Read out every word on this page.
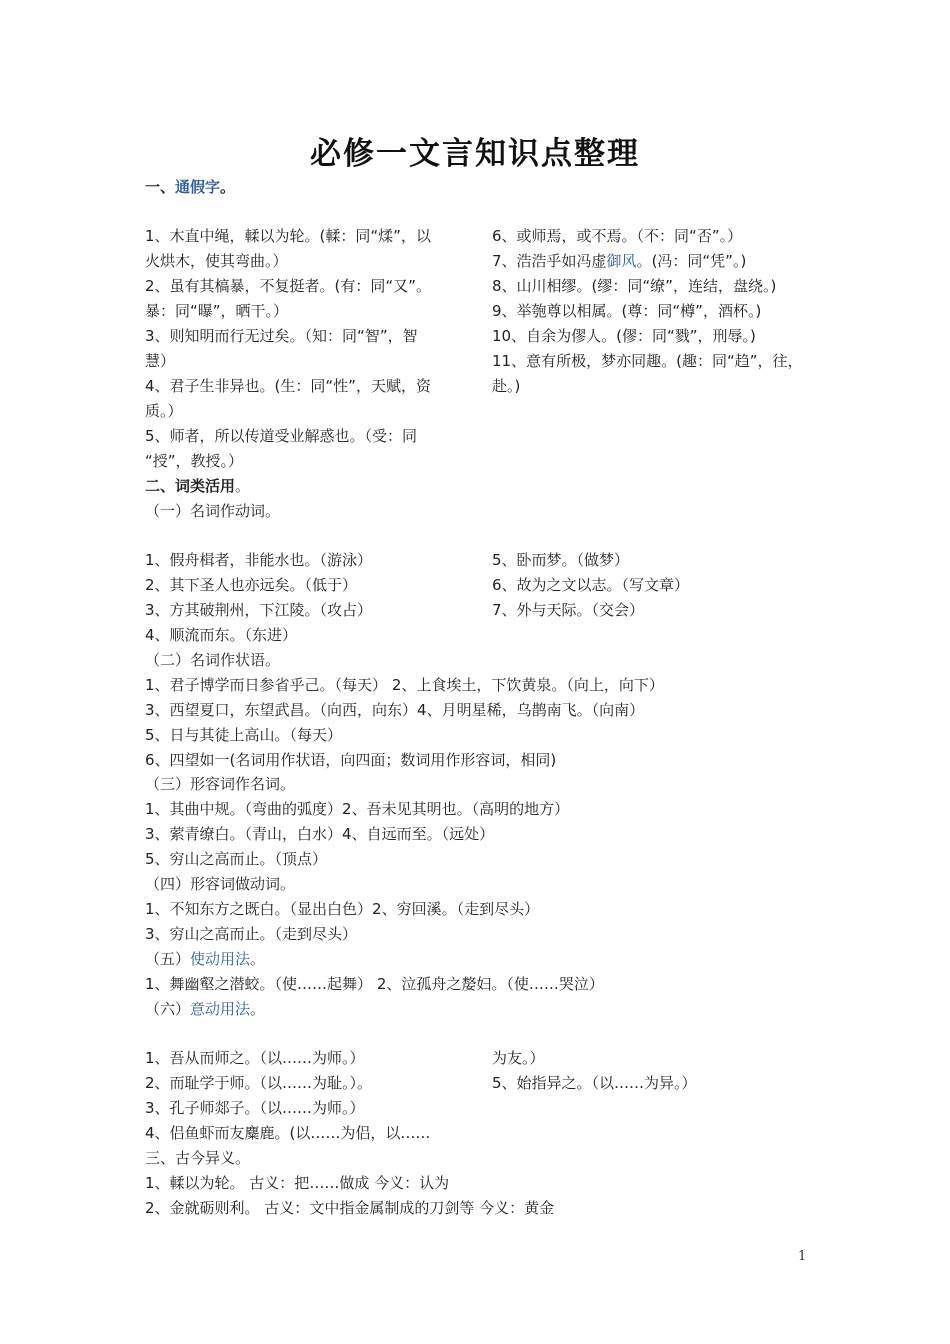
必修一文言知识点整理
一、通假字。
1、木直中绳，輮以为轮。(輮：同“煣”，以
火烘木，使其弯曲。）
2、虽有其槁暴，不复挺者。(有：同“又”。
暴：同“曝”，晒干。）
3、则知明而行无过矣。（知：同“智”，智
慧）
4、君子生非异也。(生：同“性”，天赋，资
质。）
5、师者，所以传道受业解惑也。（受：同
“授”，教授。）
6、或师焉，或不焉。（不：同“否”。）
7、浩浩乎如冯虚御风。(冯：同“凭”。)
8、山川相缪。(缪：同“缭”，连结，盘绕。)
9、举匏尊以相属。(尊：同“樽”，酒杯。)
10、自余为僇人。(僇：同“戮”，刑辱。)
11、意有所极，梦亦同趣。(趣：同“趋”，往，
赴。)
二、词类活用。
（一）名词作动词。
1、假舟楫者，非能水也。（游泳）
2、其下圣人也亦远矣。（低于）
3、方其破荆州，下江陵。（攻占）
4、顺流而东。（东进）
5、卧而梦。（做梦）
6、故为之文以志。（写文章）
7、外与天际。（交会）
（二）名词作状语。
1、君子博学而日参省乎己。（每天） 2、上食埃土，下饮黄泉。（向上，向下）
3、西望夏口，东望武昌。（向西，向东）4、月明星稀，乌鹊南飞。（向南）
5、日与其徒上高山。（每天）
6、四望如一(名词用作状语，向四面；数词用作形容词，相同)
（三）形容词作名词。
1、其曲中规。（弯曲的弧度）2、吾未见其明也。（高明的地方）
3、萦青缭白。（青山，白水）4、自远而至。（远处）
5、穷山之高而止。（顶点）
（四）形容词做动词。
1、不知东方之既白。（显出白色）2、穷回溪。（走到尽头）
3、穷山之高而止。（走到尽头）
（五）使动用法。
1、舞幽壑之潜蛟。（使……起舞） 2、泣孤舟之嫠妇。（使……哭泣）
（六）意动用法。
1、吾从而师之。（以……为师。）
2、而耻学于师。（以……为耻。）。
3、孔子师郯子。（以……为师。）
4、侣鱼虾而友麋鹿。(以……为侣，以……
为友。）
5、始指异之。（以……为异。）
三、古今异义。
1、輮以为轮。 古义：把……做成 今义：认为
2、金就砺则利。 古义：文中指金属制成的刀剑等 今义：黄金
1
